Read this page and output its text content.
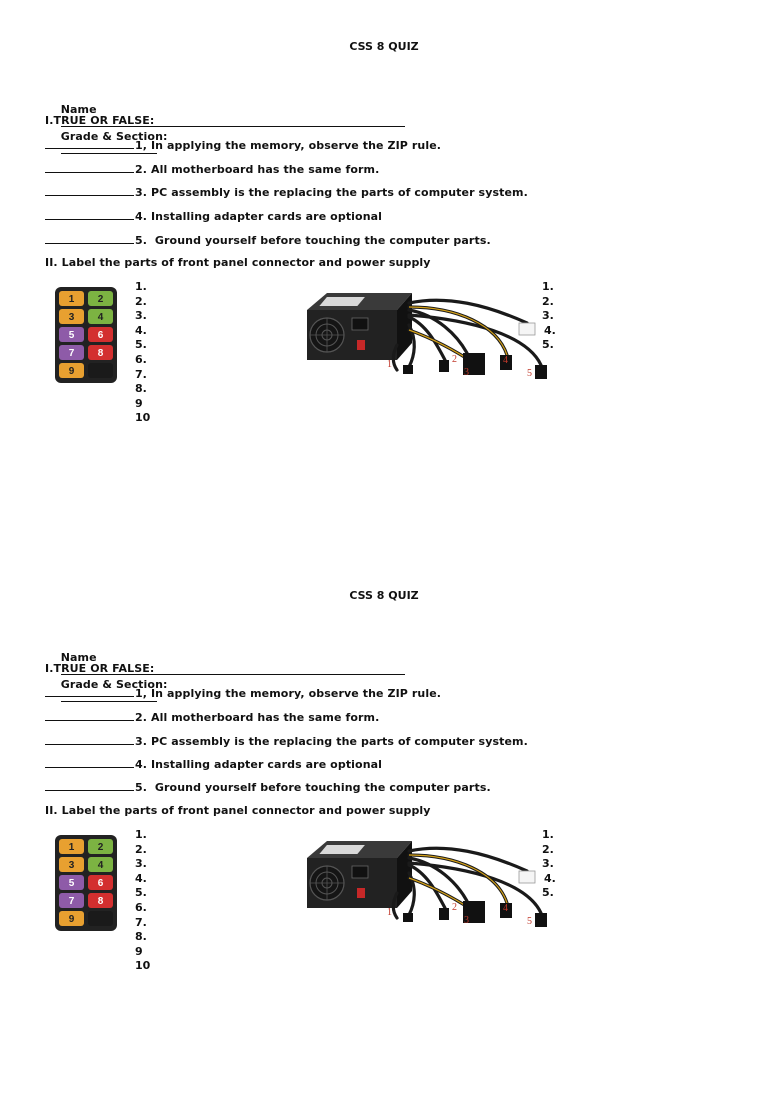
CSS 8 QUIZ

Name

Grade & Section:

I.TRUE OR FALSE:
1, In applying the memory, observe the ZIP rule.
2. All motherboard has the same form.
3. PC assembly is the replacing the parts of computer system.
4. Installing adapter cards are optional
5.  Ground yourself before touching the computer parts.
II. Label the parts of front panel connector and power supply
1 2
3 4
5 6
7 8
9
1.
2.
3.
4.
5.
6.
7.
8.
9
10
1	2
3
4
5
1.
2.
3.
4.
5.
CSS 8 QUIZ

Name

Grade & Section:

I.TRUE OR FALSE:
1, In applying the memory, observe the ZIP rule.
2. All motherboard has the same form.
3. PC assembly is the replacing the parts of computer system.
4. Installing adapter cards are optional
5.  Ground yourself before touching the computer parts.
II. Label the parts of front panel connector and power supply
1 2
3 4
5 6
7 8
9
1.
2.
3.
4.
5.
6.
7.
8.
9
10
1	2
3
4
5
1.
2.
3.
4.
5.
